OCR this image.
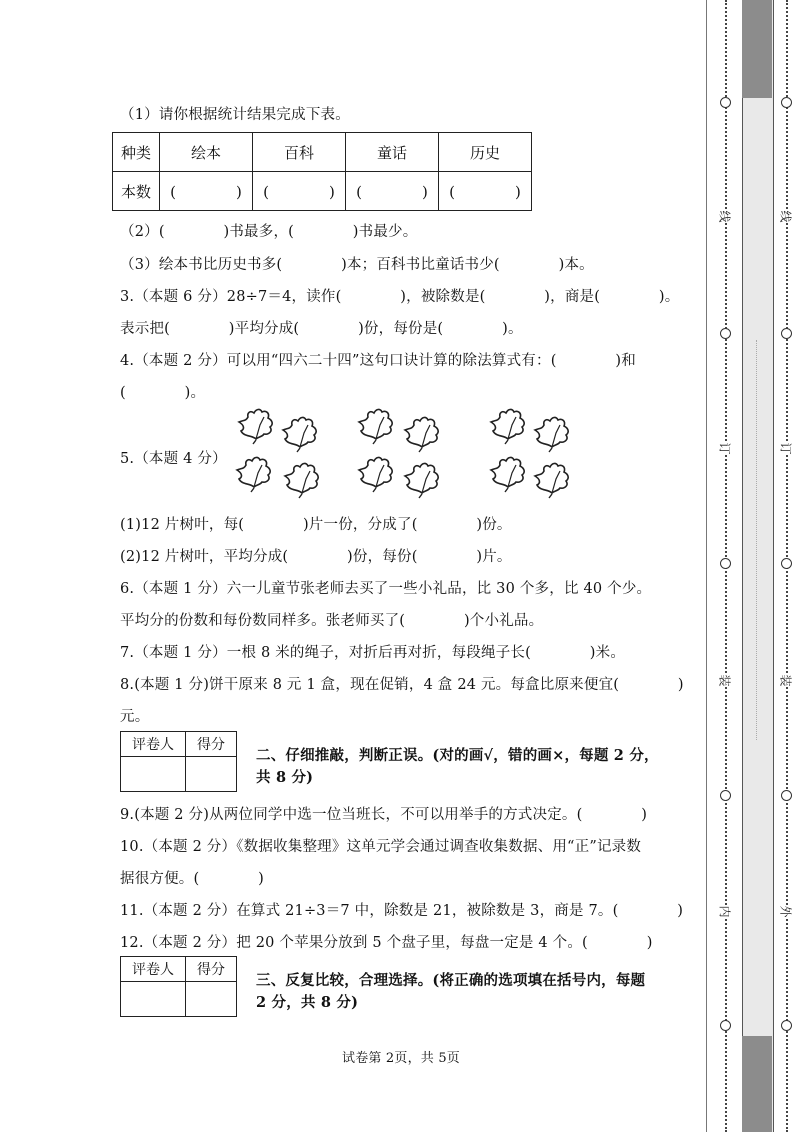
（1）请你根据统计结果完成下表。
种类	绘本	百科	童话	历史
本数	(　　　　)	(　　　　)	(　　　　)	(　　　　)
（2）(　　　　)书最多，(　　　　)书最少。
（3）绘本书比历史书多(　　　　)本；百科书比童话书少(　　　　)本。
3.（本题 6 分）28÷7＝4，读作(　　　　)，被除数是(　　　　)，商是(　　　　)。
表示把(　　　　)平均分成(　　　　)份，每份是(　　　　)。
4.（本题 2 分）可以用“四六二十四”这句口诀计算的除法算式有：(　　　　)和
(　　　　)。
5.（本题 4 分）
(1)12 片树叶，每(　　　　)片一份，分成了(　　　　)份。
(2)12 片树叶，平均分成(　　　　)份，每份(　　　　)片。
6.（本题 1 分）六一儿童节张老师去买了一些小礼品，比 30 个多，比 40 个少。
平均分的份数和每份数同样多。张老师买了(　　　　)个小礼品。
7.（本题 1 分）一根 8 米的绳子，对折后再对折，每段绳子长(　　　　)米。
8.(本题 1 分)饼干原来 8 元 1 盒，现在促销，4 盒 24 元。每盒比原来便宜(　　　　)
元。
评卷人	得分

二、仔细推敲，判断正误。(对的画√，错的画×，每题 2 分，
共 8 分)
9.(本题 2 分)从两位同学中选一位当班长，不可以用举手的方式决定。(　　　　)
10.（本题 2 分）《数据收集整理》这单元学会通过调查收集数据、用“正”记录数
据很方便。(　　　　)
11.（本题 2 分）在算式 21÷3＝7 中，除数是 21，被除数是 3，商是 7。(　　　　)
12.（本题 2 分）把 20 个苹果分放到 5 个盘子里，每盘一定是 4 个。(　　　　)
评卷人	得分

三、反复比较，合理选择。(将正确的选项填在括号内，每题
2 分，共 8 分)
试卷第 2页，共 5页
线
订
装
内
线
订
装
外
